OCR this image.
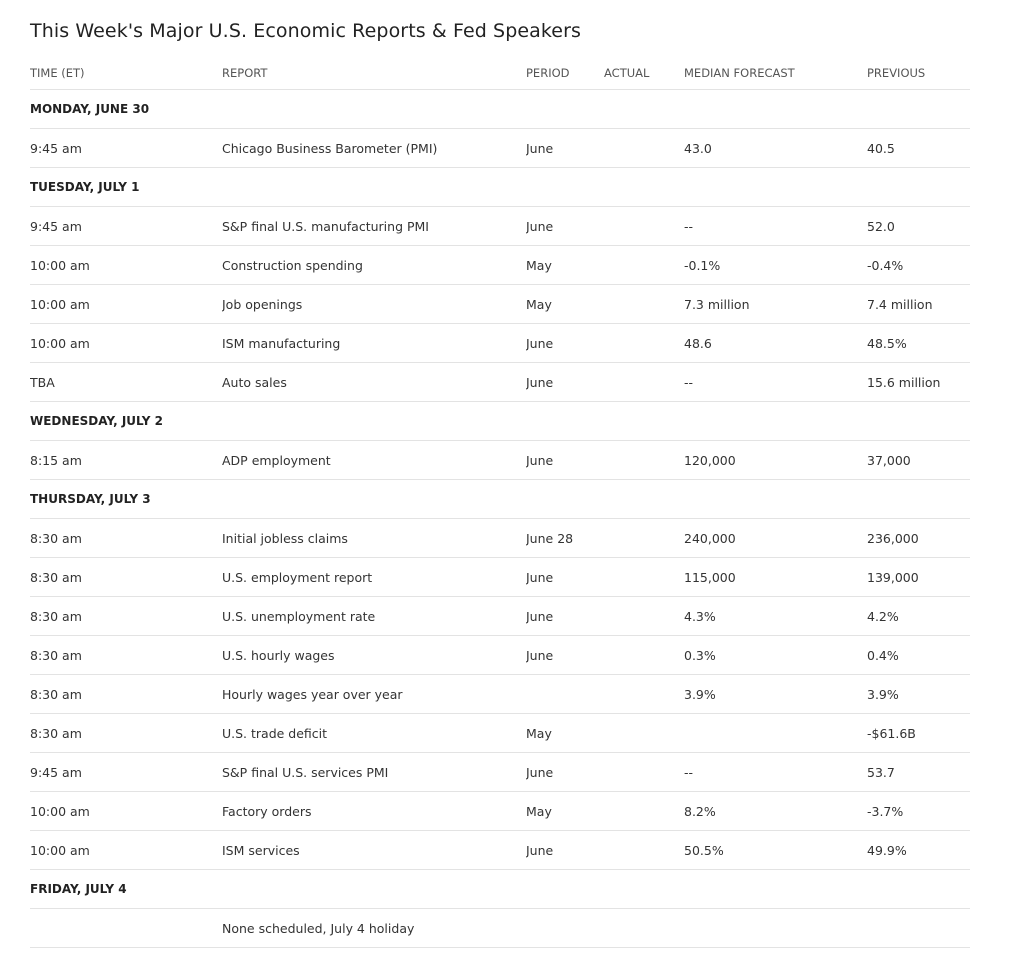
This Week's Major U.S. Economic Reports & Fed Speakers
TIME (ET)	REPORT	PERIOD	ACTUAL	MEDIAN FORECAST	PREVIOUS
MONDAY, JUNE 30					
9:45 am	Chicago Business Barometer (PMI)	June		43.0	40.5
TUESDAY, JULY 1					
9:45 am	S&P final U.S. manufacturing PMI	June		--	52.0
10:00 am	Construction spending	May		-0.1%	-0.4%
10:00 am	Job openings	May		7.3 million	7.4 million
10:00 am	ISM manufacturing	June		48.6	48.5%
TBA	Auto sales	June		--	15.6 million
WEDNESDAY, JULY 2					
8:15 am	ADP employment	June		120,000	37,000
THURSDAY, JULY 3					
8:30 am	Initial jobless claims	June 28		240,000	236,000
8:30 am	U.S. employment report	June		115,000	139,000
8:30 am	U.S. unemployment rate	June		4.3%	4.2%
8:30 am	U.S. hourly wages	June		0.3%	0.4%
8:30 am	Hourly wages year over year			3.9%	3.9%
8:30 am	U.S. trade deficit	May			-$61.6B
9:45 am	S&P final U.S. services PMI	June		--	53.7
10:00 am	Factory orders	May		8.2%	-3.7%
10:00 am	ISM services	June		50.5%	49.9%
FRIDAY, JULY 4					
	None scheduled, July 4 holiday				
